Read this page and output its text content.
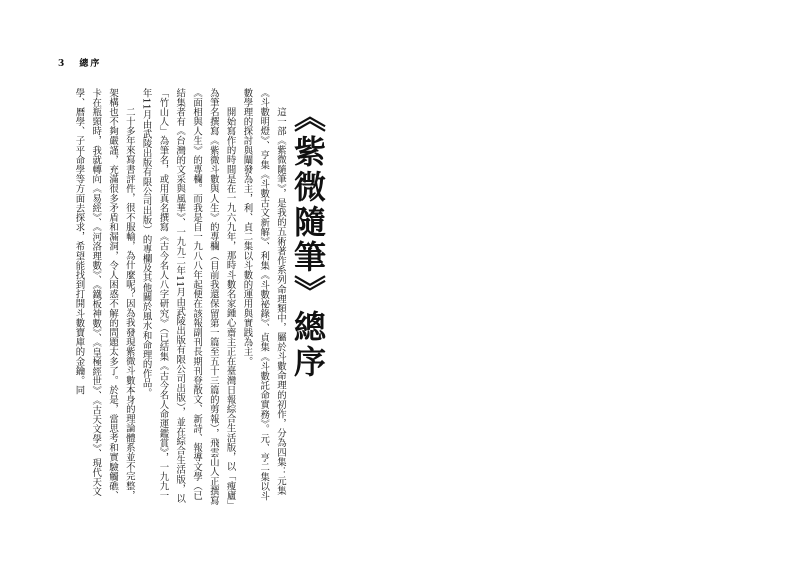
3 總序
《紫微隨筆》總序

這一部《紫微隨筆》，是我的五術著作系列命理類中，屬於斗數命理的初作，分為四集：元集《斗數明燈》、亨集《斗數古文新解》、利集《斗數祕錄》、貞集《斗數託命實務》。元、亨二集以斗數學理的探討與闡發為主，利、貞二集以斗數的運用與實践為主。

開始寫作的時間是在一九六九年，那時斗數名家鍾心齋主正在臺灣日報綜合生活版，以「瘦廬」為筆名撰寫《紫微斗數與人生》的專欄（目前我還保留第一篇至五十三篇的剪報），飛雲山人正撰寫《面相與人生》的專欄。而我是自一九八八年起便在該報副刊長期刊登散文、新詩、報導文學（已結集者有《台灣的文采與風華》、一九九二年11月由武陵出版有限公司出版），並在綜合生活版，以「竹山人」為筆名，或用真名撰寫《古今名人八字研究》（已結集《古今名人命運鑑賞》，一九九一年11月由武陵出版有限公司出版）的專欄及其他關於風水和命理的作品。

二十多年來寫書評件，很不服輸，為什麼呢？因為我發現紫微斗數本身的理論體系並不完整，架構也不夠嚴謹，充滿很多矛盾和漏洞，令人困惑不解的問題太多了。於是，當思考和實驗觸礁、卡在瓶頸時，我就轉向《易經》、《河洛理數》、《鐵板神數》、《皇極經世》、《古天文學》、現代天文學、曆學、子平命學等方面去探求，希望能找到打開斗數寶庫的金鑰。同
